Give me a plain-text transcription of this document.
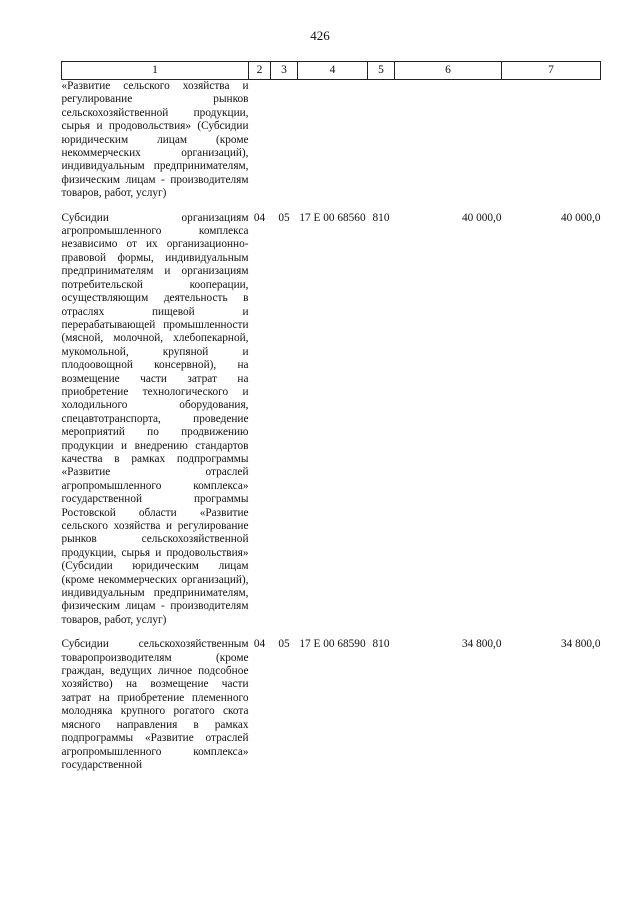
426
1	2	3	4	5	6	7
«Развитие сельского хозяйства и регулирование рынков сельскохозяйственной продукции, сырья и продовольствия» (Субсидии юридическим лицам (кроме некоммерческих организаций), индивидуальным предпринимателям, физическим лицам - производителям товаров, работ, услуг)						
Субсидии организациям агропромышленного комплекса независимо от их организационно-правовой формы, индивидуальным предпринимателям и организациям потребительской кооперации, осуществляющим деятельность в отраслях пищевой и перерабатывающей промышленности (мясной, молочной, хлебопекарной, мукомольной, крупяной и плодоовощной консервной), на возмещение части затрат на приобретение технологического и холодильного оборудования, спецавтотранспорта, проведение мероприятий по продвижению продукции и внедрению стандартов качества в рамках подпрограммы «Развитие отраслей агропромышленного комплекса» государственной программы Ростовской области «Развитие сельского хозяйства и регулирование рынков сельскохозяйственной продукции, сырья и продовольствия» (Субсидии юридическим лицам (кроме некоммерческих организаций), индивидуальным предпринимателям, физическим лицам - производителям товаров, работ, услуг)	04	05	17 Е 00 68560	810	40 000,0	40 000,0
Субсидии сельскохозяйственным товаропроизводителям (кроме граждан, ведущих личное подсобное хозяйство) на возмещение части затрат на приобретение племенного молодняка крупного рогатого скота мясного направления в рамках подпрограммы «Развитие отраслей агропромышленного комплекса» государственной	04	05	17 Е 00 68590	810	34 800,0	34 800,0
